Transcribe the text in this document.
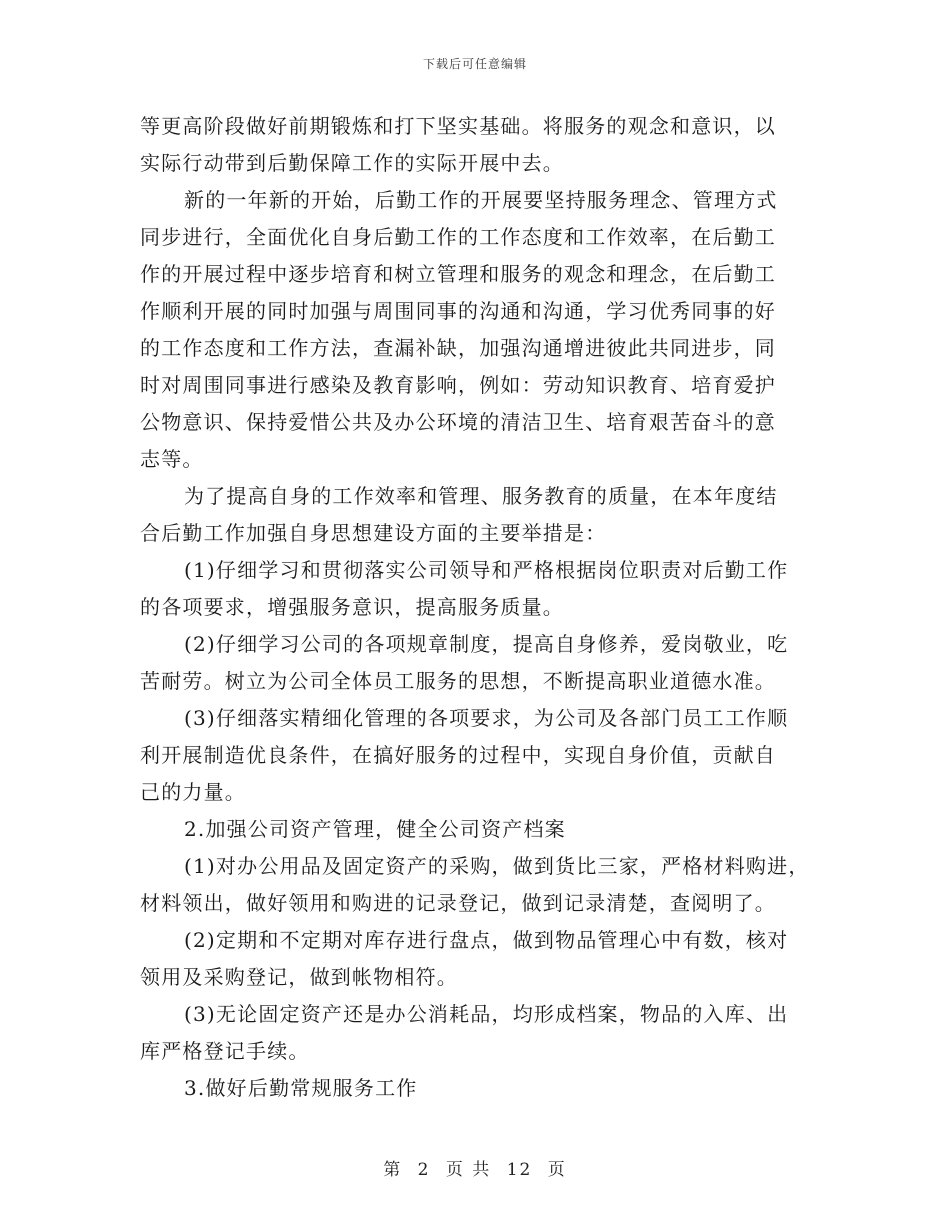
下载后可任意编辑

等更高阶段做好前期锻炼和打下坚实基础。将服务的观念和意识，以
实际行动带到后勤保障工作的实际开展中去。

新的一年新的开始，后勤工作的开展要坚持服务理念、管理方式
同步进行，全面优化自身后勤工作的工作态度和工作效率，在后勤工
作的开展过程中逐步培育和树立管理和服务的观念和理念，在后勤工
作顺利开展的同时加强与周围同事的沟通和沟通，学习优秀同事的好
的工作态度和工作方法，查漏补缺，加强沟通增进彼此共同进步，同
时对周围同事进行感染及教育影响，例如：劳动知识教育、培育爱护
公物意识、保持爱惜公共及办公环境的清洁卫生、培育艰苦奋斗的意
志等。

为了提高自身的工作效率和管理、服务教育的质量，在本年度结
合后勤工作加强自身思想建设方面的主要举措是：

(1)仔细学习和贯彻落实公司领导和严格根据岗位职责对后勤工作
的各项要求，增强服务意识，提高服务质量。

(2)仔细学习公司的各项规章制度，提高自身修养，爱岗敬业，吃
苦耐劳。树立为公司全体员工服务的思想，不断提高职业道德水准。

(3)仔细落实精细化管理的各项要求，为公司及各部门员工工作顺
利开展制造优良条件，在搞好服务的过程中，实现自身价值，贡献自
己的力量。

2.加强公司资产管理，健全公司资产档案

(1)对办公用品及固定资产的采购，做到货比三家，严格材料购进，
材料领出，做好领用和购进的记录登记，做到记录清楚，查阅明了。

(2)定期和不定期对库存进行盘点，做到物品管理心中有数，核对
领用及采购登记，做到帐物相符。

(3)无论固定资产还是办公消耗品，均形成档案，物品的入库、出
库严格登记手续。

3.做好后勤常规服务工作

第 2 页 共 12 页
